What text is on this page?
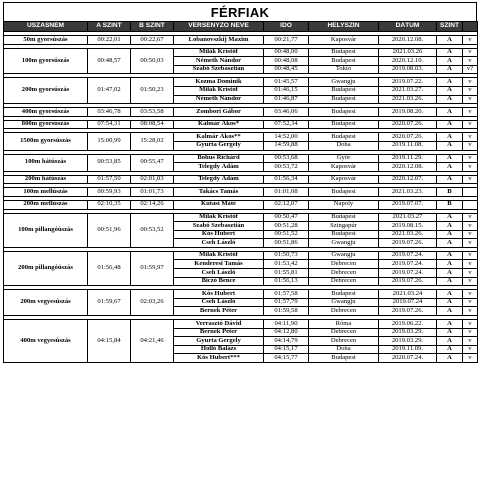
FÉRFIAK
ÚSZÁSNEM	A SZINT	B SZINT	VERSENYZŐ NEVE	IDŐ	HELYSZÍN	DÁTUM	SZINT	

50m gyorsúszás	00:22,01	00:22,67	Lobanovszkij Maxim	00:21,77	Kaposvár	2020.12.08.	A	v

100m gyorsúszás	00:48,57	00:50,03	Milák Kristóf	00:48,00	Budapest	2021.03.26	A	v
			Németh Nándor	00:48,08	Budapest	2020.12.10.	A	v
			Szabó Szebasztián	00:48,45	Tokió	2019.08.03.	A	v?

200m gyorsúszás	01:47,02	01:50,23	Kozma Dominik	01:45,57	Gwangju	2019.07.22.	A	v
			Milák Kristóf	01:46,15	Budapest	2021.03.27.	A	v
			Németh Nándor	01:46,87	Budapest	2021.03.26.	A	v

400m gyorsúszás	03:46,78	03:53,58	Zombori Gábor	03:46,06	Budapest	2019.08.20.	A	v

800m gyorsúszás	07:54,31	08:08,54	Kalmár Ákos*	07:52,34	Budapest	2020.07.26.	A	v

1500m gyorsúszás	15:00,99	15:28,02	Kalmár Ákos**	14:52,00	Budapest	2020.07.26.	A	v
			Gyurta Gergely	14:59,88	Doha	2019.11.08.	A	v

100m hátúszás	00:53,85	00:55,47	Bohus Richárd	00:53,68	Győr	2019.11.29.	A	v
			Telegdy Ádám	00:53,72	Kaposvár	2020.12.08.	A	v

200m hátúszás	01:57,50	02:01,03	Telegdy Ádám	01:56,34	Kaposvár	2020.12.07.	A	v

100m mellúszás	00:59,93	01:01,73	Takács Tamás	01:01,08	Budapest	2021.03.23.	B	

200m mellúszás	02:10,35	02:14,26	Kutasi Máté	02:12,07	Nápoly	2019.07.07.	B	

100m pillangóúszás	00:51,96	00:53,52	Milák Kristóf	00:50,47	Budapest	2021.03.27	A	v
			Szabó Szebasztián	00:51,28	Szingapúr	2019.08.15.	A	v
			Kós Hubert	00:51,52	Budapest	2021.03.26.	A	v
			Cseh László	00:51,86	Gwangju	2019.07.26.	A	v

200m pillangóúszás	01:56,48	01:59,97	Milák Kristóf	01:50,73	Gwangju	2019.07.24.	A	v
			Kenderesi Tamás	01:53,42	Debrecen	2019.07.24.	A	v
			Cseh László	01:55,81	Debrecen	2019.07.24.	A	v
			Biczó Bence	01:56,13	Debrecen	2019.07.26.	A	v

200m vegyesúszás	01:59,67	02:03,26	Kós Hubert	01:57,58	Budapest	2021.03.24	A	v
			Cseh László	01:57,79	Gwangju	2019.07.24	A	v
			Bernek Péter	01:59,58	Debrecen	2019.07.26.	A	v

400m vegyesúszás	04:15,84	04:21,46	Verrasztó Dávid	04:11,90	Róma	2019.06.22.	A	v
			Bernek Péter	04:12,80	Debrecen	2019.03.29.	A	v
			Gyurta Gergely	04:14,79	Debrecen	2019.03.29.	A	v
			Holló Balázs	04:15,17	Doha	2019.11.09.	A	v
			Kós Hubert***	04:15,77	Budapest	2020.07.24.	A	v
